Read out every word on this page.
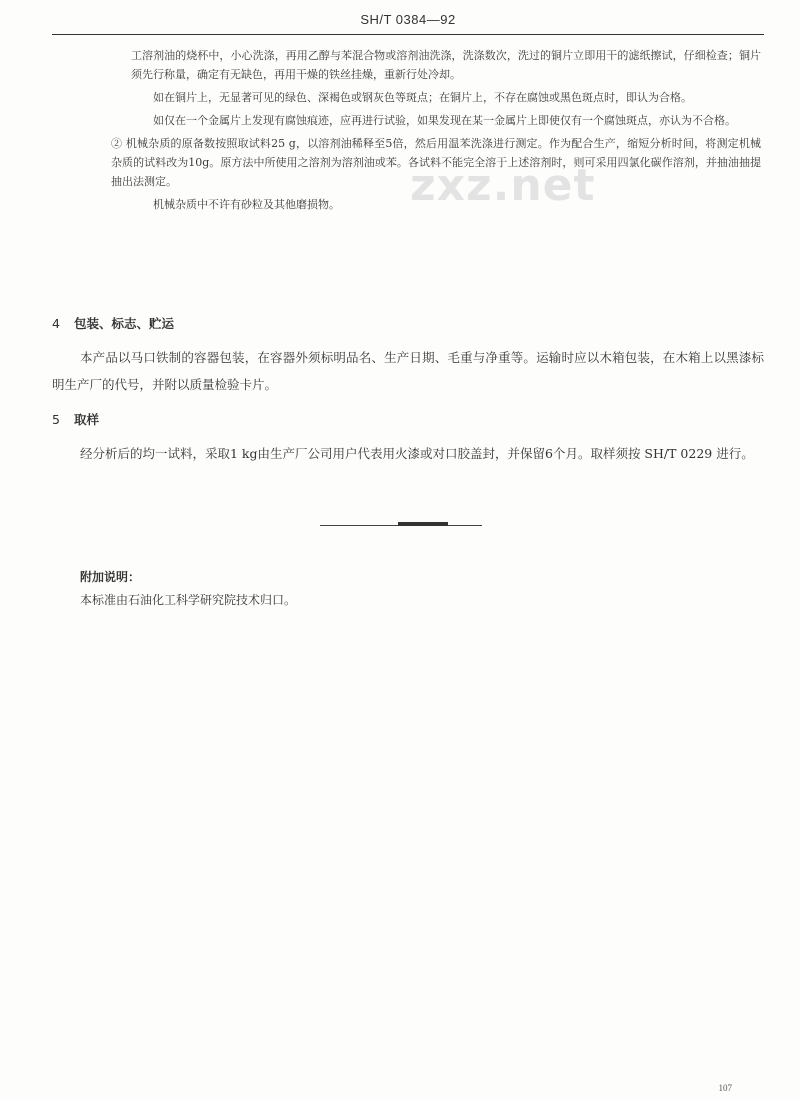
SH/T 0384—92
zxz.net

工溶剂油的烧杯中，小心洗涤，再用乙醇与苯混合物或溶剂油洗涤，洗涤数次，洗过的铜片立即用干的滤纸擦试，仔细检查；铜片须先行称量，确定有无缺色，再用干燥的铁丝挂燥，重新行处冷却。

如在铜片上，无显著可见的绿色、深褐色或钢灰色等斑点；在铜片上，不存在腐蚀或黑色斑点时，即认为合格。

如仅在一个金属片上发现有腐蚀痕迹，应再进行试验，如果发现在某一金属片上即使仅有一个腐蚀斑点，亦认为不合格。

② 机械杂质的原备数按照取试料25 g，以溶剂油稀释至5倍，然后用温苯洗涤进行测定。作为配合生产，缩短分析时间，将测定机械杂质的试料改为10g。原方法中所使用之溶剂为溶剂油或苯。各试料不能完全溶于上述溶剂时，则可采用四氯化碳作溶剂，并抽油抽提抽出法测定。

机械杂质中不许有砂粒及其他磨损物。

4 包装、标志、贮运

本产品以马口铁制的容器包装，在容器外须标明品名、生产日期、毛重与净重等。运输时应以木箱包装，在木箱上以黑漆标明生产厂的代号，并附以质量检验卡片。

5 取样

经分析后的均一试料，采取1 kg由生产厂公司用户代表用火漆或对口胶盖封，并保留6个月。取样须按 SH/T 0229 进行。

附加说明：

本标准由石油化工科学研究院技术归口。

107
